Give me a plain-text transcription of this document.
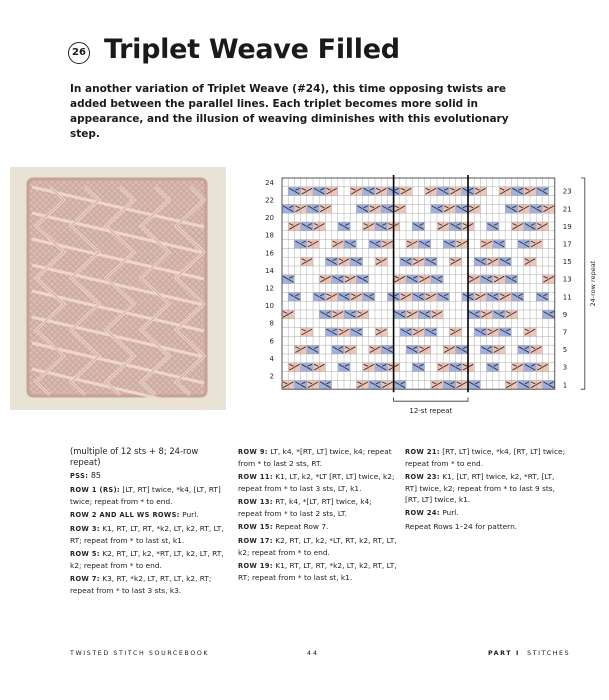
26 Triplet Weave Filled
In another variation of Triplet Weave (#24), this time opposing twists are added between the parallel lines. Each triplet becomes more solid in appearance, and the illusion of weaving diminishes with this evolutionary step.
24
22
20
18
16
14
12
10
8
6
4
2
23
21
19
17
15
13
11
9
7
5
3
1
12-st repeat
24-row repeat

(multiple of 12 sts + 8; 24-row repeat)

PSS: 85

ROW 1 (RS): [LT, RT] twice, *k4, [LT, RT] twice; repeat from * to end.

ROW 2 AND ALL WS ROWS: Purl.

ROW 3: K1, RT, LT, RT, *k2, LT, k2, RT, LT, RT; repeat from * to last st, k1.

ROW 5: K2, RT, LT, k2, *RT, LT, k2, LT, RT, k2; repeat from * to end.

ROW 7: K3, RT, *k2, LT, RT, LT, k2, RT; repeat from * to last 3 sts, k3.

ROW 9: LT, k4, *[RT, LT] twice, k4; repeat from * to last 2 sts, RT.

ROW 11: K1, LT, k2, *LT [RT, LT] twice, k2; repeat from * to last 3 sts, LT, k1.

ROW 13: RT, k4, *[LT, RT] twice, k4; repeat from * to last 2 sts, LT.

ROW 15: Repeat Row 7.

ROW 17: K2, RT, LT, k2, *LT, RT, k2, RT, LT, k2; repeat from * to end.

ROW 19: K1, RT, LT, RT, *k2, LT, k2, RT, LT, RT; repeat from * to last st, k1.

ROW 21: [RT, LT] twice, *k4, [RT, LT] twice; repeat from * to end.

ROW 23: K1, [LT, RT] twice, k2, *RT, [LT, RT] twice, k2; repeat from * to last 9 sts, [RT, LT] twice, k1.

ROW 24: Purl.

Repeat Rows 1–24 for pattern.

TWISTED STITCH SOURCEBOOK	44	PART I STITCHES
